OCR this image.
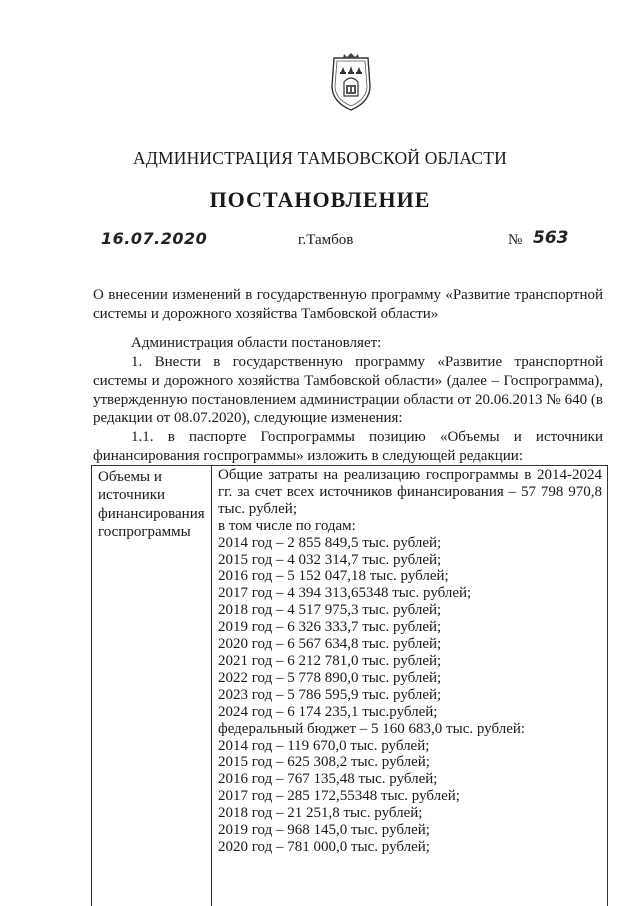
АДМИНИСТРАЦИЯ ТАМБОВСКОЙ ОБЛАСТИ
ПОСТАНОВЛЕНИЕ
16.07.2020	г.Тамбов	№ 563
О внесении изменений в государственную программу «Развитие транспортной системы и дорожного хозяйства Тамбовской области»
Администрация области постановляет:
1. Внести в государственную программу «Развитие транспортной системы и дорожного хозяйства Тамбовской области» (далее – Госпрограмма), утвержденную постановлением администрации области от 20.06.2013 № 640 (в редакции от 08.07.2020), следующие изменения:
1.1. в паспорте Госпрограммы позицию «Объемы и источники финансирования госпрограммы» изложить в следующей редакции:
Объемы и источники финансирования госпрограммы
Общие затраты на реализацию госпрограммы в 2014-2024 гг. за счет всех источников финансирования – 57 798 970,8 тыс. рублей;
в том числе по годам:
2014 год – 2 855 849,5 тыс. рублей;
2015 год – 4 032 314,7 тыс. рублей;
2016 год – 5 152 047,18 тыс. рублей;
2017 год – 4 394 313,65348 тыс. рублей;
2018 год – 4 517 975,3 тыс. рублей;
2019 год – 6 326 333,7 тыс. рублей;
2020 год – 6 567 634,8 тыс. рублей;
2021 год – 6 212 781,0 тыс. рублей;
2022 год – 5 778 890,0 тыс. рублей;
2023 год – 5 786 595,9 тыс. рублей;
2024 год – 6 174 235,1 тыс.рублей;
федеральный бюджет – 5 160 683,0 тыс. рублей:
2014 год – 119 670,0 тыс. рублей;
2015 год – 625 308,2 тыс. рублей;
2016 год – 767 135,48 тыс. рублей;
2017 год – 285 172,55348 тыс. рублей;
2018 год – 21 251,8 тыс. рублей;
2019 год – 968 145,0 тыс. рублей;
2020 год – 781 000,0 тыс. рублей;
